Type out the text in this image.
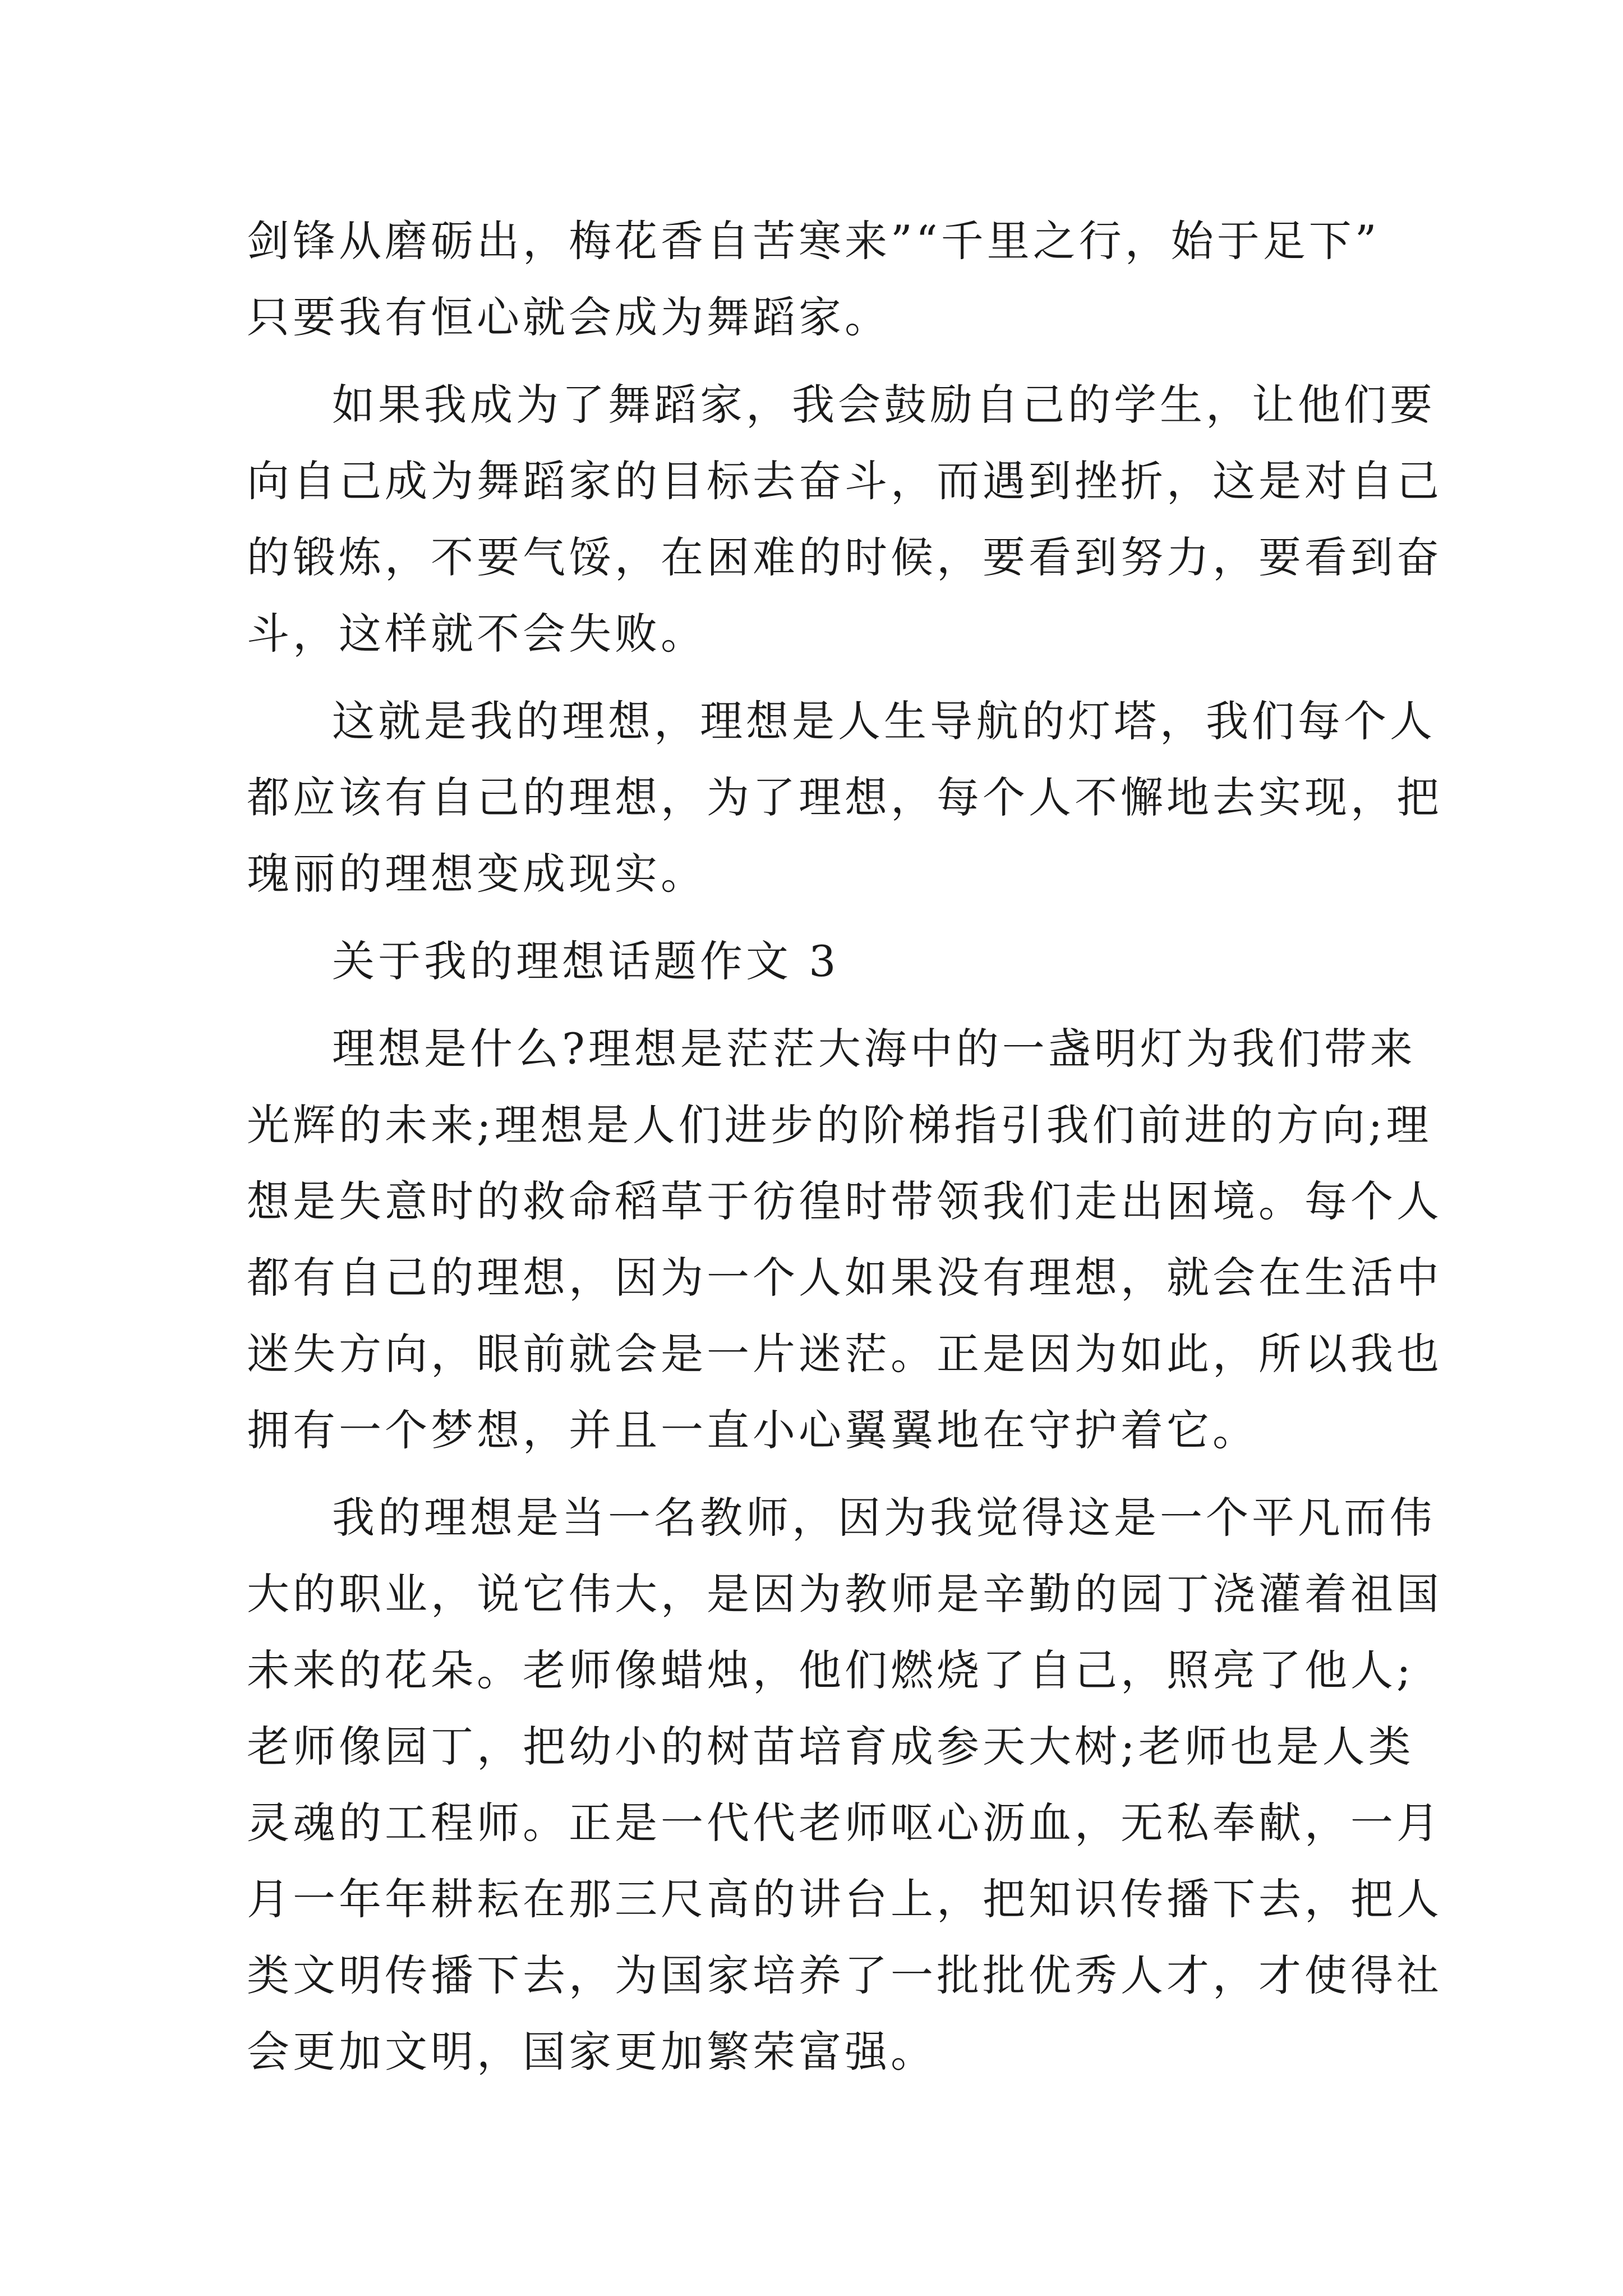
剑锋从磨砺出，梅花香自苦寒来”“千里之行，始于足下”

只要我有恒心就会成为舞蹈家。

如果我成为了舞蹈家，我会鼓励自己的学生，让他们要

向自己成为舞蹈家的目标去奋斗，而遇到挫折，这是对自己

的锻炼，不要气馁，在困难的时候，要看到努力，要看到奋

斗，这样就不会失败。

这就是我的理想，理想是人生导航的灯塔，我们每个人

都应该有自己的理想，为了理想，每个人不懈地去实现，把

瑰丽的理想变成现实。

关于我的理想话题作文 3

理想是什么?理想是茫茫大海中的一盏明灯为我们带来

光辉的未来;理想是人们进步的阶梯指引我们前进的方向;理

想是失意时的救命稻草于彷徨时带领我们走出困境。每个人

都有自己的理想，因为一个人如果没有理想，就会在生活中

迷失方向，眼前就会是一片迷茫。正是因为如此，所以我也

拥有一个梦想，并且一直小心翼翼地在守护着它。

我的理想是当一名教师，因为我觉得这是一个平凡而伟

大的职业，说它伟大，是因为教师是辛勤的园丁浇灌着祖国

未来的花朵。老师像蜡烛，他们燃烧了自己，照亮了他人;

老师像园丁，把幼小的树苗培育成参天大树;老师也是人类

灵魂的工程师。正是一代代老师呕心沥血，无私奉献，一月

月一年年耕耘在那三尺高的讲台上，把知识传播下去，把人

类文明传播下去，为国家培养了一批批优秀人才，才使得社

会更加文明，国家更加繁荣富强。
